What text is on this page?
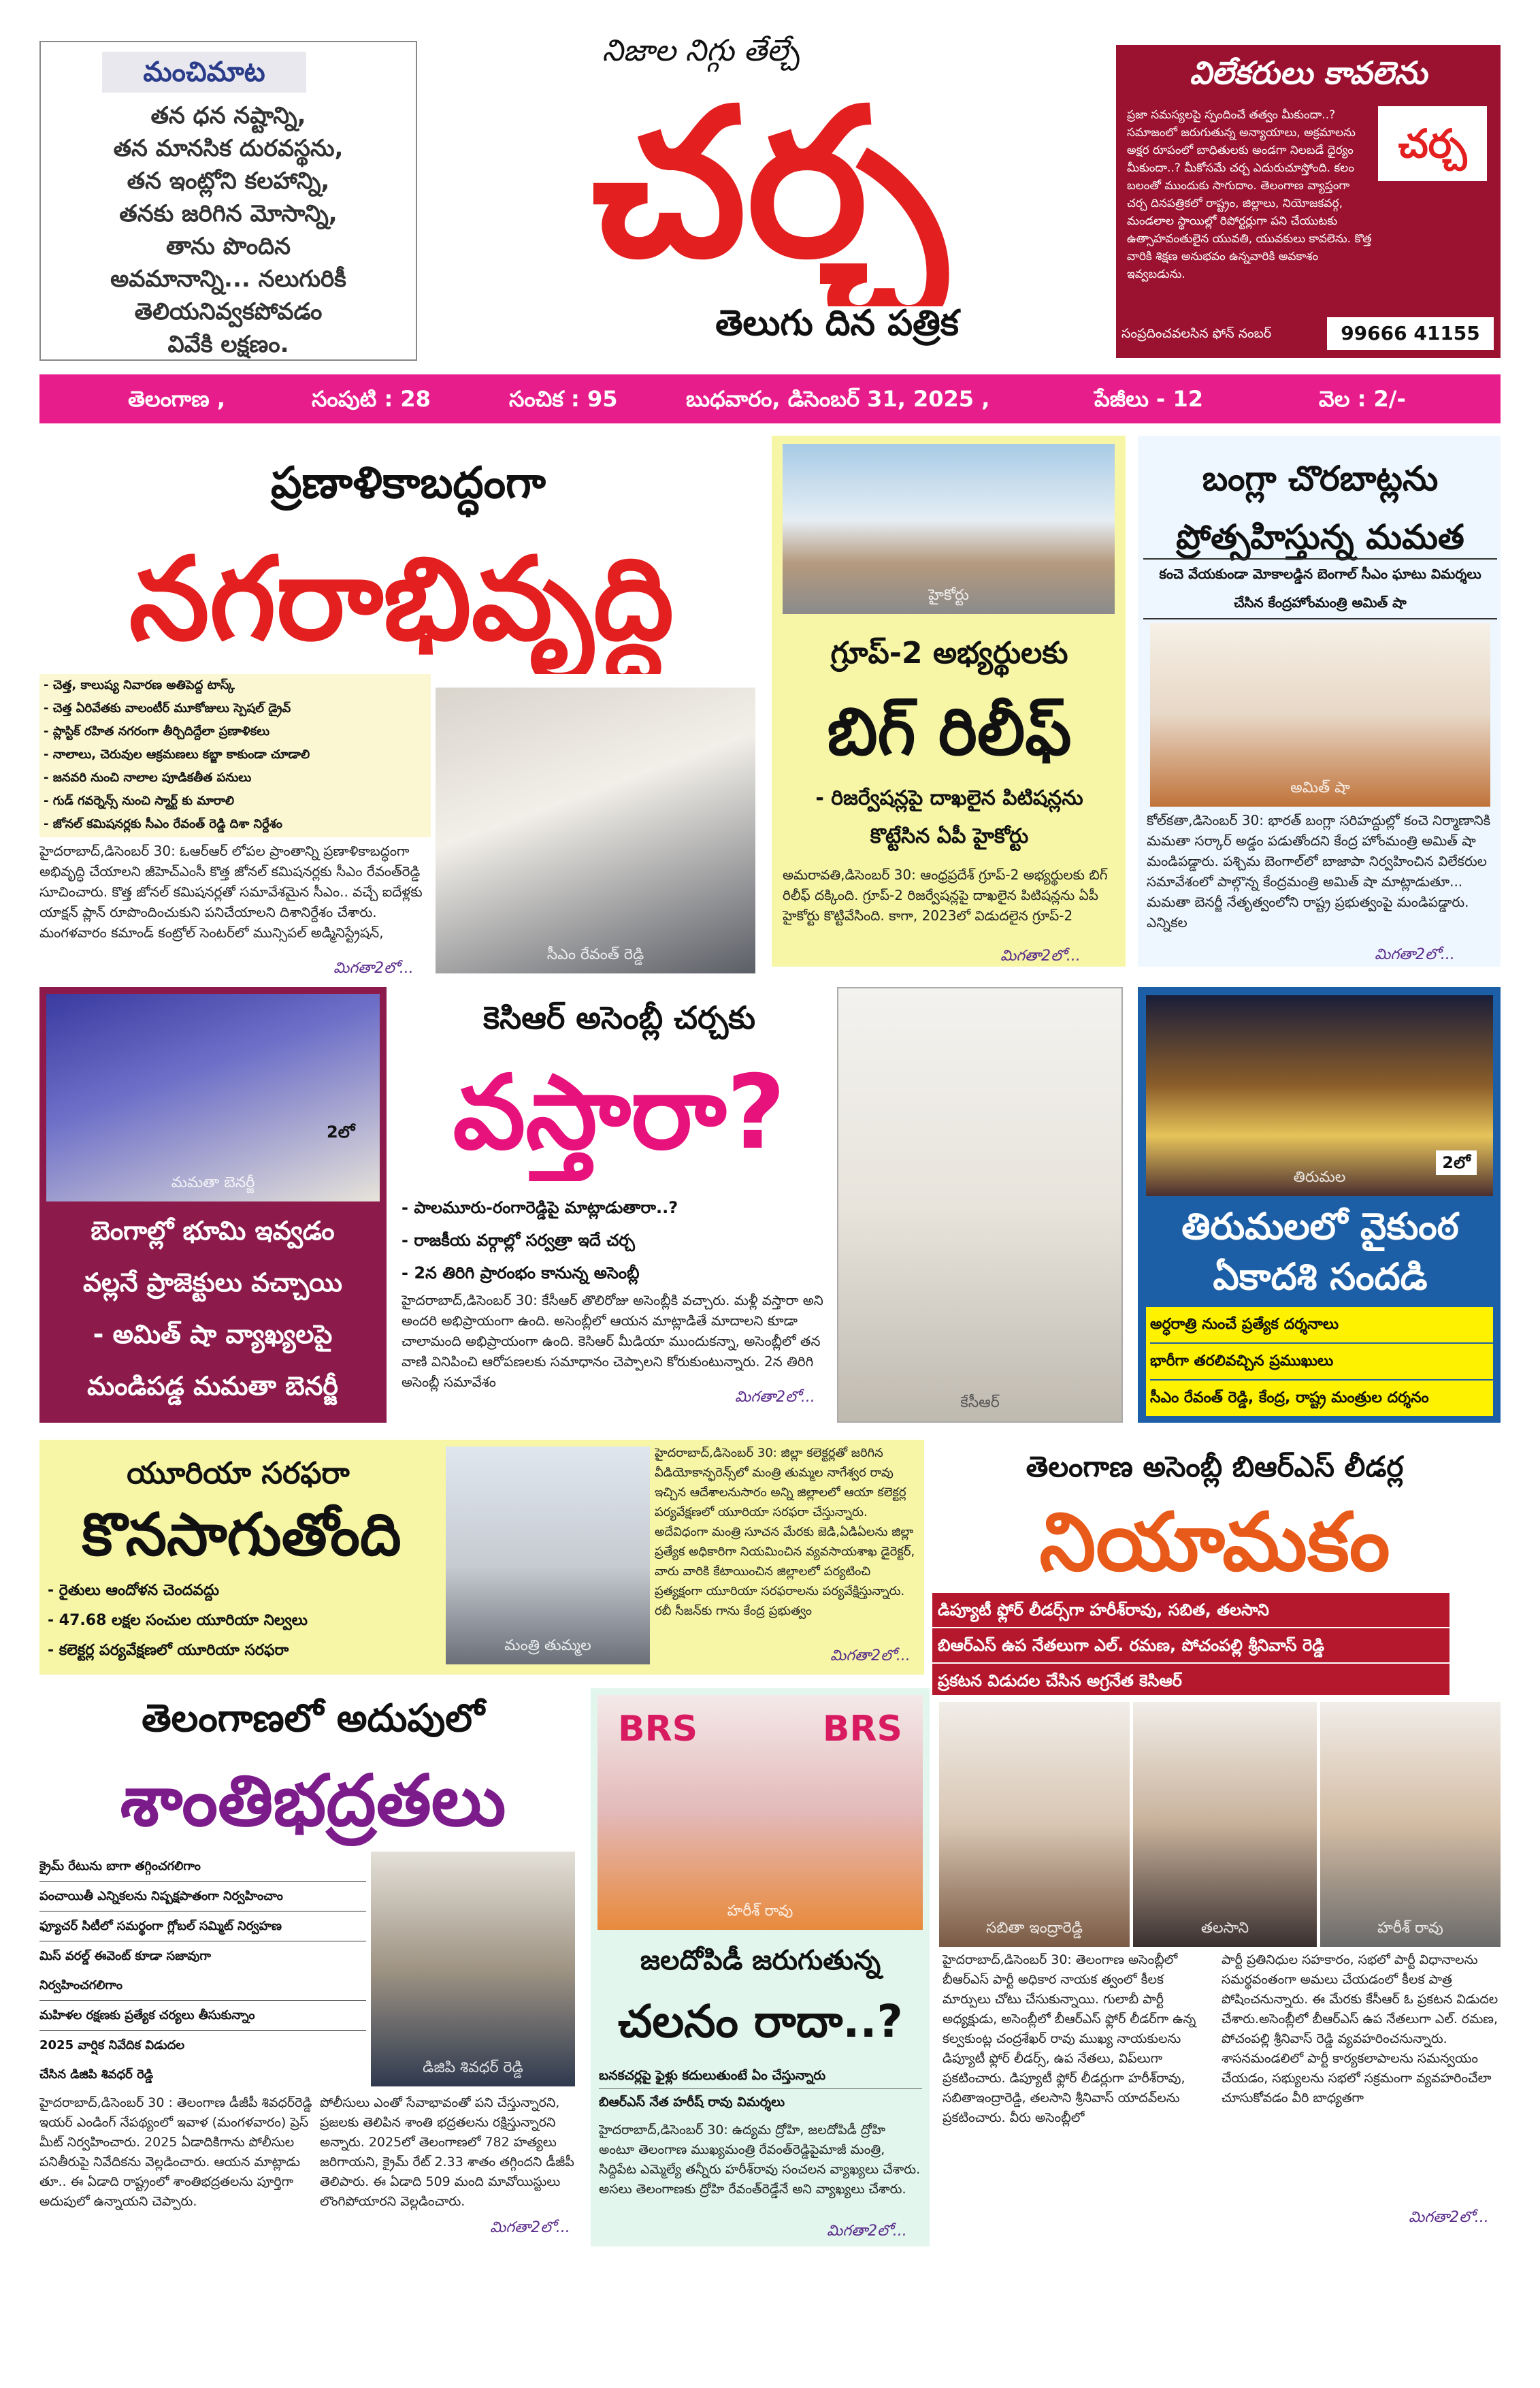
మంచిమాట
తన ధన నష్టాన్ని,
తన మానసిక దురవస్థను,
తన ఇంట్లోని కలహాన్ని,
తనకు జరిగిన మోసాన్ని,
తాను పొందిన
అవమానాన్ని... నలుగురికీ
తెలియనివ్వకపోవడం
వివేకి లక్షణం.
నిజాల నిగ్గు తేల్చే
చర్చ
తెలుగు దిన పత్రిక
విలేకరులు కావలెను
చర్చ
ప్రజా సమస్యలపై స్పందించే తత్వం మీకుందా..? సమాజంలో జరుగుతున్న అన్యాయాలు, అక్రమాలను అక్షర రూపంలో బాధితులకు అండగా నిలబడే ధైర్యం మీకుందా..? మీకోసమే చర్చ ఎదురుచూస్తోంది. కలం బలంతో ముందుకు సాగుదాం. తెలంగాణ వ్యాప్తంగా చర్చ దినపత్రికలో రాష్ట్రం, జిల్లాలు, నియోజకవర్గ, మండలాల స్థాయిల్లో రిపోర్టర్లుగా పని చేయుటకు ఉత్సాహవంతులైన యువతి, యువకులు కావలెను. కొత్త వారికి శిక్షణ అనుభవం ఉన్నవారికి అవకాశం ఇవ్వబడును.
సంప్రదించవలసిన ఫోన్ నంబర్	99666 41155
తెలంగాణ ,	సంపుటి : 28	సంచిక : 95	బుధవారం, డిసెంబర్ 31, 2025 ,	పేజీలు - 12	వెల : 2/-
ప్రణాళికాబద్ధంగా
నగరాభివృద్ధి
- చెత్త, కాలుష్య నివారణ అతిపెద్ద టాస్క్
- చెత్త ఏరివేతకు వాలంటీర్ మూకోజులు స్పెషల్ డ్రైవ్
- ప్లాస్టిక్ రహిత నగరంగా తీర్చిదిద్దేలా ప్రణాళికలు
- నాలాలు, చెరువుల ఆక్రమణలు కబ్జా కాకుండా చూడాలి
- జనవరి నుంచి నాలాల పూడికతీత పనులు
- గుడ్ గవర్నెన్స్ నుంచి స్మార్ట్ కు మారాలి
- జోనల్ కమిషనర్లకు సీఎం రేవంత్ రెడ్డి దిశా నిర్దేశం
సీఎం రేవంత్ రెడ్డి
హైదరాబాద్,డిసెంబర్ 30: ఓఆర్ఆర్ లోపల ప్రాంతాన్ని ప్రణాళికాబద్ధంగా అభివృద్ధి చేయాలని జీహెచ్ఎంసీ కొత్త జోనల్ కమిషనర్లకు సీఎం రేవంత్‌రెడ్డి సూచించారు. కొత్త జోనల్ కమిషనర్లతో సమావేశమైన సీఎం.. వచ్చే ఐదేళ్లకు యాక్షన్ ప్లాన్ రూపొందించుకుని పనిచేయాలని దిశానిర్దేశం చేశారు. మంగళవారం కమాండ్ కంట్రోల్ సెంటర్‌లో మున్సిపల్ అడ్మినిస్ట్రేషన్,
మిగతా2లో...
హైకోర్టు
గ్రూప్-2 అభ్యర్థులకు
బిగ్ రిలీఫ్
- రిజర్వేషన్లపై దాఖలైన పిటిషన్లను కొట్టేసిన ఏపీ హైకోర్టు
అమరావతి,డిసెంబర్ 30: ఆంధ్రప్రదేశ్ గ్రూప్-2 అభ్యర్థులకు బిగ్ రిలీఫ్ దక్కింది. గ్రూప్-2 రిజర్వేషన్లపై దాఖలైన పిటిషన్లను ఏపీ హైకోర్టు కొట్టివేసింది. కాగా, 2023లో విడుదలైన గ్రూప్-2
మిగతా2లో...
బంగ్లా చొరబాట్లను ప్రోత్సహిస్తున్న మమత
కంచె వేయకుండా మోకాలడ్డిన బెంగాల్ సీఎం ఘాటు విమర్శలు చేసిన కేంద్రహోంమంత్రి అమిత్ షా
అమిత్ షా
కోల్‌కతా,డిసెంబర్ 30: భారత్ బంగ్లా సరిహద్దుల్లో కంచె నిర్మాణానికి మమతా సర్కార్ అడ్డం పడుతోందని కేంద్ర హోంమంత్రి అమిత్ షా మండిపడ్డారు. పశ్చిమ బెంగాల్‌లో బాజాపా నిర్వహించిన విలేకరుల సమావేశంలో పాల్గొన్న కేంద్రమంత్రి అమిత్ షా మాట్లాడుతూ... మమతా బెనర్జీ నేతృత్వంలోని రాష్ట్ర ప్రభుత్వంపై మండిపడ్డారు. ఎన్నికల
మిగతా2లో...
మమతా బెనర్జీ
2లో
బెంగాల్లో భూమి ఇవ్వడం
వల్లనే ప్రాజెక్టులు వచ్చాయి
- అమిత్ షా వ్యాఖ్యలపై
మండిపడ్డ మమతా బెనర్జీ
కెసిఆర్ అసెంబ్లీ చర్చకు
వస్తారా?
- పాలమూరు-రంగారెడ్డిపై మాట్లాడుతారా..?
- రాజకీయ వర్గాల్లో సర్వత్రా ఇదే చర్చ
- 2న తిరిగి ప్రారంభం కానున్న అసెంబ్లీ
హైదరాబాద్,డిసెంబర్ 30: కేసీఆర్ తొలిరోజు అసెంబ్లీకి వచ్చారు. మళ్లీ వస్తారా అని అందరి అభిప్రాయంగా ఉంది. అసెంబ్లీలో ఆయన మాట్లాడితే మాదాలని కూడా చాలామంది అభిప్రాయంగా ఉంది. కెసిఆర్ మీడియా ముందుకన్నా, అసెంబ్లీలో తన వాణి వినిపించి ఆరోపణలకు సమాధానం చెప్పాలని కోరుకుంటున్నారు. 2న తిరిగి అసెంబ్లీ సమావేశం
మిగతా2లో...	కేసీఆర్
తిరుమల
2లో
తిరుమలలో వైకుంఠ ఏకాదశి సందడి
అర్ధరాత్రి నుంచే ప్రత్యేక దర్శనాలు
భారీగా తరలివచ్చిన ప్రముఖులు
సీఎం రేవంత్ రెడ్డి, కేంద్ర, రాష్ట్ర మంత్రుల దర్శనం
యూరియా సరఫరా
కొనసాగుతోంది
- రైతులు ఆందోళన చెందవద్దు
- 47.68 లక్షల సంచుల యూరియా నిల్వలు
- కలెక్టర్ల పర్యవేక్షణలో యూరియా సరఫరా	మంత్రి తుమ్మల
హైదరాబాద్,డిసెంబర్ 30: జిల్లా కలెక్టర్లతో జరిగిన వీడియోకాన్ఫరెన్స్‌లో మంత్రి తుమ్మల నాగేశ్వర రావు ఇచ్చిన ఆదేశాలనుసారం అన్ని జిల్లాలలో ఆయా కలెక్టర్ల పర్యవేక్షణలో యూరియా సరఫరా చేస్తున్నారు. అదేవిధంగా మంత్రి సూచన మేరకు జెడి,ఏడిఏలను జిల్లా ప్రత్యేక అధికారిగా నియమించిన వ్యవసాయశాఖ డైరెక్టర్, వారు వారికి కేటాయించిన జిల్లాలలో పర్యటించి ప్రత్యక్షంగా యూరియా సరఫరాలను పర్యవేక్షిస్తున్నారు. రబీ సీజన్‌కు గాను కేంద్ర ప్రభుత్వం
మిగతా2లో...
తెలంగాణ అసెంబ్లీ బిఆర్ఎస్ లీడర్ల
నియామకం
డిప్యూటీ ఫ్లోర్ లీడర్స్‌గా హరీశ్‌రావు, సబిత, తలసాని
బిఆర్ఎస్ ఉప నేతలుగా ఎల్. రమణ, పోచంపల్లి శ్రీనివాస్ రెడ్డి
ప్రకటన విడుదల చేసిన అగ్రనేత కెసిఆర్
సబితా ఇంద్రారెడ్డి	తలసాని	హరీశ్ రావు
హైదరాబాద్,డిసెంబర్ 30: తెలంగాణ అసెంబ్లీలో బీఆర్ఎస్ పార్టీ అధికార నాయక త్వంలో కీలక మార్పులు చోటు చేసుకున్నాయి. గులాబీ పార్టీ అధ్యక్షుడు, అసెంబ్లీలో బీఆర్ఎస్ ఫ్లోర్ లీడర్‌గా ఉన్న కల్వకుంట్ల చంద్రశేఖర్ రావు ముఖ్య నాయకులను డిప్యూటీ ఫ్లోర్ లీడర్స్, ఉప నేతలు, విప్‌లుగా ప్రకటించారు. డిప్యూటీ ఫ్లోర్ లీడర్లుగా హరీశ్‌రావు, సబితాఇంద్రారెడ్డి, తలసాని శ్రీనివాస్ యాదవ్‌లను ప్రకటించారు. వీరు అసెంబ్లీలో
పార్టీ ప్రతినిధుల సహకారం, సభలో పార్టీ విధానాలను సమర్థవంతంగా అమలు చేయడంలో కీలక పాత్ర పోషించనున్నారు. ఈ మేరకు కేసీఆర్ ఓ ప్రకటన విడుదల చేశారు.అసెంబ్లీలో బీఆర్ఎస్ ఉప నేతలుగా ఎల్. రమణ, పోచంపల్లి శ్రీనివాస్ రెడ్డి వ్యవహరించనున్నారు. శాసనమండలిలో పార్టీ కార్యకలాపాలను సమన్వయం చేయడం, సభ్యులను సభలో సక్రమంగా వ్యవహరించేలా చూసుకోవడం వీరి బాధ్యతగా
మిగతా2లో...
తెలంగాణలో అదుపులో
శాంతిభద్రతలు
క్రైమ్ రేటును బాగా తగ్గించగలిగాం
పంచాయితీ ఎన్నికలను నిష్పక్షపాతంగా నిర్వహించాం
ఫ్యూచర్ సిటీలో సమర్థంగా గ్లోబల్ సమ్మిట్ నిర్వహణ
మిస్ వరల్డ్ ఈవెంట్ కూడా సజావుగా
నిర్వహించగలిగాం
మహిళల రక్షణకు ప్రత్యేక చర్యలు తీసుకున్నాం
2025 వార్షిక నివేదిక విడుదల
చేసిన డిజిపి శివధర్ రెడ్డి	డిజిపి శివధర్ రెడ్డి
హైదరాబాద్,డిసెంబర్ 30 : తెలంగాణ డీజీపీ శివధర్‌రెడ్డి ఇయర్ ఎండింగ్ నేపథ్యంలో ఇవాళ (మంగళవారం) ప్రెస్ మీట్ నిర్వహించారు. 2025 ఏడాదికిగాను పోలీసుల పనితీరుపై నివేదికను వెల్లడించారు. ఆయన మాట్లాడు తూ.. ఈ ఏడాది రాష్ట్రంలో శాంతిభద్రతలను పూర్తిగా అదుపులో ఉన్నాయని చెప్పారు.
పోలీసులు ఎంతో సేవాభావంతో పని చేస్తున్నారని, ప్రజలకు తెలిపిన శాంతి భద్రతలను రక్షిస్తున్నారని అన్నారు. 2025లో తెలంగాణలో 782 హత్యలు జరిగాయని, క్రైమ్ రేట్ 2.33 శాతం తగ్గిందని డీజీపీ తెలిపారు. ఈ ఏడాది 509 మంది మావోయిస్టులు లొంగిపోయారని వెల్లడించారు.
మిగతా2లో...
BRS	BRS
హరీశ్ రావు
జలదోపిడీ జరుగుతున్న
చలనం రాదా..?
బనకచర్లపై ఫైళ్లు కదులుతుంటే ఏం చేస్తున్నారు
బిఆర్ఎస్ నేత హరీష్ రావు విమర్శలు
హైదరాబాద్,డిసెంబర్ 30: ఉద్యమ ద్రోహి, జలదోపిడీ ద్రోహి అంటూ తెలంగాణ ముఖ్యమంత్రి రేవంత్‌రెడ్డిపైమాజీ మంత్రి, సిద్దిపేట ఎమ్మెల్యే తన్నీరు హరీశ్‌రావు సంచలన వ్యాఖ్యలు చేశారు. అసలు తెలంగాణకు ద్రోహి రేవంత్‌రెడ్డేనే అని వ్యాఖ్యలు చేశారు.
మిగతా2లో...
